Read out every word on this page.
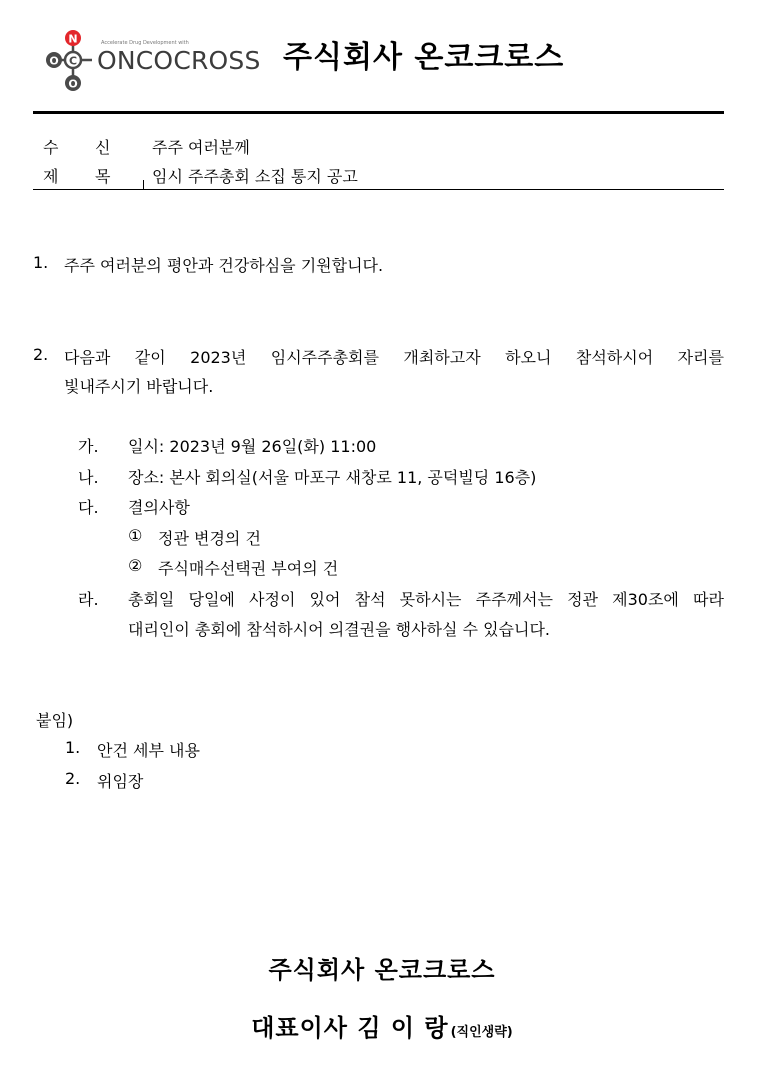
N
O C
O
Accelerate Drug Development with
ONCOCROSS 주식회사 온코크로스
수 신	주주 여러분께
제 목	임시 주주총회 소집 통지 공고
1. 주주 여러분의 평안과 건강하심을 기원합니다.
2. 다음과 같이 2023년 임시주주총회를 개최하고자 하오니 참석하시어 자리를
빛내주시기 바랍니다.
가. 일시: 2023년 9월 26일(화) 11:00
나. 장소: 본사 회의실(서울 마포구 새창로 11, 공덕빌딩 16층)
다. 결의사항
① 정관 변경의 건
② 주식매수선택권 부여의 건
라. 총회일 당일에 사정이 있어 참석 못하시는 주주께서는 정관 제30조에 따라
대리인이 총회에 참석하시어 의결권을 행사하실 수 있습니다.
붙임)
1. 안건 세부 내용
2. 위임장
주식회사 온코크로스
대표이사 김 이 랑 (직인생략)
